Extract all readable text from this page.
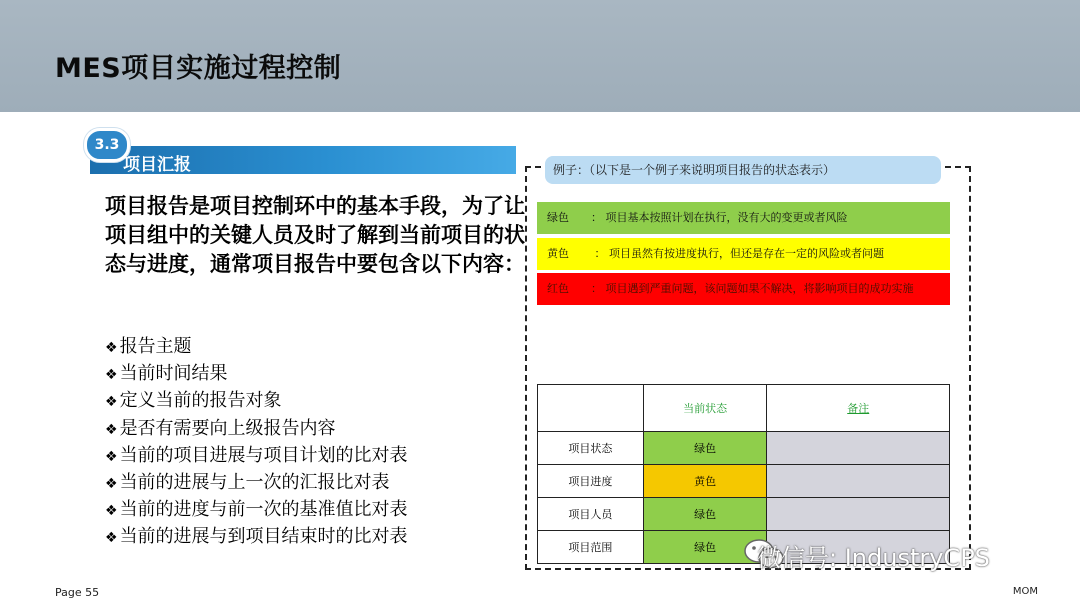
MES项目实施过程控制
3.3
项目汇报
项目报告是项目控制环中的基本手段，为了让项目组中的关键人员及时了解到当前项目的状态与进度，通常项目报告中要包含以下内容：
❖ 报告主题
❖ 当前时间结果
❖ 定义当前的报告对象
❖ 是否有需要向上级报告内容
❖ 当前的项目进展与项目计划的比对表
❖ 当前的进展与上一次的汇报比对表
❖ 当前的进度与前一次的基准值比对表
❖ 当前的进展与到项目结束时的比对表
例子：（以下是一个例子来说明项目报告的状态表示）
绿色 ： 项目基本按照计划在执行，没有大的变更或者风险
黄色 ： 项目虽然有按进度执行，但还是存在一定的风险或者问题
红色 ： 项目遇到严重问题，该问题如果不解决，将影响项目的成功实施
	当前状态	备注
项目状态	绿色	
项目进度	黄色	
项目人员	绿色	
项目范围	绿色	微信号: IndustryCPS
Page 55	MOM
